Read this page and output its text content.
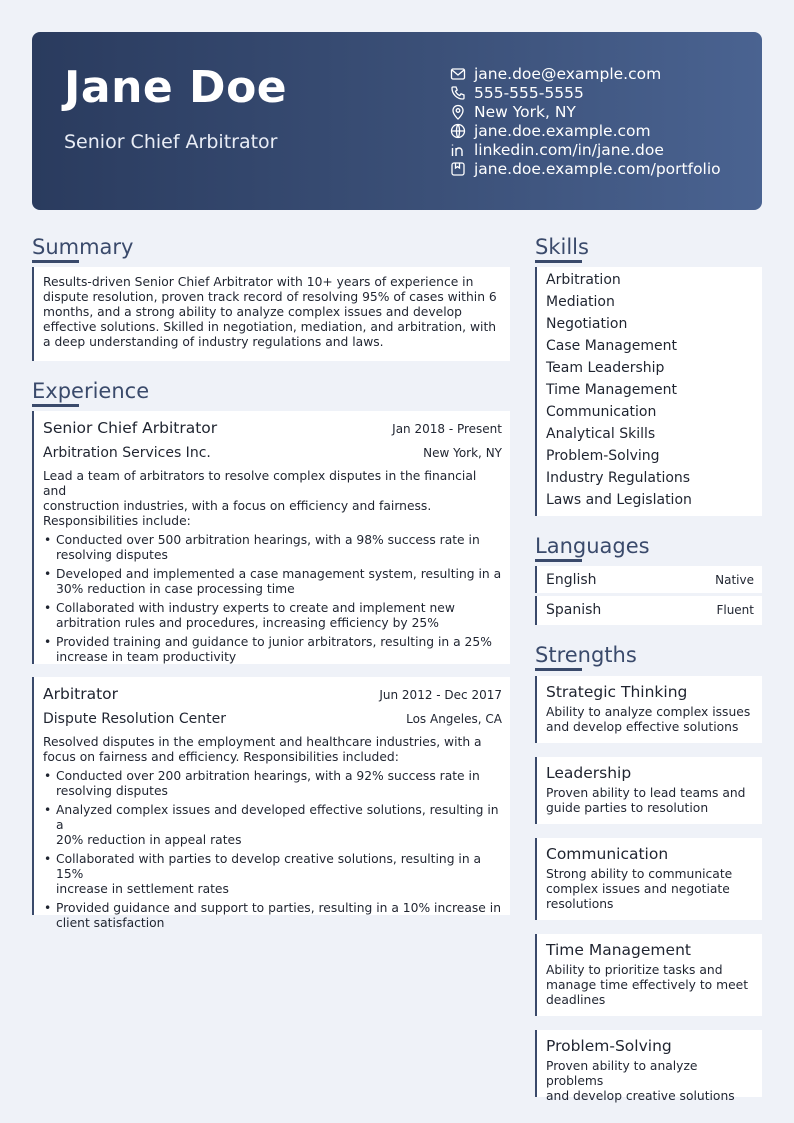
Jane Doe
Senior Chief Arbitrator
jane.doe@example.com
555-555-5555
New York, NY
jane.doe.example.com
linkedin.com/in/jane.doe
jane.doe.example.com/portfolio
Summary
Results-driven Senior Chief Arbitrator with 10+ years of experience in
dispute resolution, proven track record of resolving 95% of cases within 6
months, and a strong ability to analyze complex issues and develop
effective solutions. Skilled in negotiation, mediation, and arbitration, with
a deep understanding of industry regulations and laws.
Experience
Senior Chief Arbitrator	Jan 2018 - Present
Arbitration Services Inc.	New York, NY
Lead a team of arbitrators to resolve complex disputes in the financial and
construction industries, with a focus on efficiency and fairness.
Responsibilities include:
• Conducted over 500 arbitration hearings, with a 98% success rate in
resolving disputes
• Developed and implemented a case management system, resulting in a
30% reduction in case processing time
• Collaborated with industry experts to create and implement new
arbitration rules and procedures, increasing efficiency by 25%
• Provided training and guidance to junior arbitrators, resulting in a 25%
increase in team productivity
Arbitrator	Jun 2012 - Dec 2017
Dispute Resolution Center	Los Angeles, CA
Resolved disputes in the employment and healthcare industries, with a
focus on fairness and efficiency. Responsibilities included:
• Conducted over 200 arbitration hearings, with a 92% success rate in
resolving disputes
• Analyzed complex issues and developed effective solutions, resulting in a
20% reduction in appeal rates
• Collaborated with parties to develop creative solutions, resulting in a 15%
increase in settlement rates
• Provided guidance and support to parties, resulting in a 10% increase in
client satisfaction
Skills
Arbitration
Mediation
Negotiation
Case Management
Team Leadership
Time Management
Communication
Analytical Skills
Problem-Solving
Industry Regulations
Laws and Legislation
Languages
English	Native
Spanish	Fluent
Strengths
Strategic Thinking
Ability to analyze complex issues
and develop effective solutions
Leadership
Proven ability to lead teams and
guide parties to resolution
Communication
Strong ability to communicate
complex issues and negotiate
resolutions
Time Management
Ability to prioritize tasks and
manage time effectively to meet
deadlines
Problem-Solving
Proven ability to analyze problems
and develop creative solutions
